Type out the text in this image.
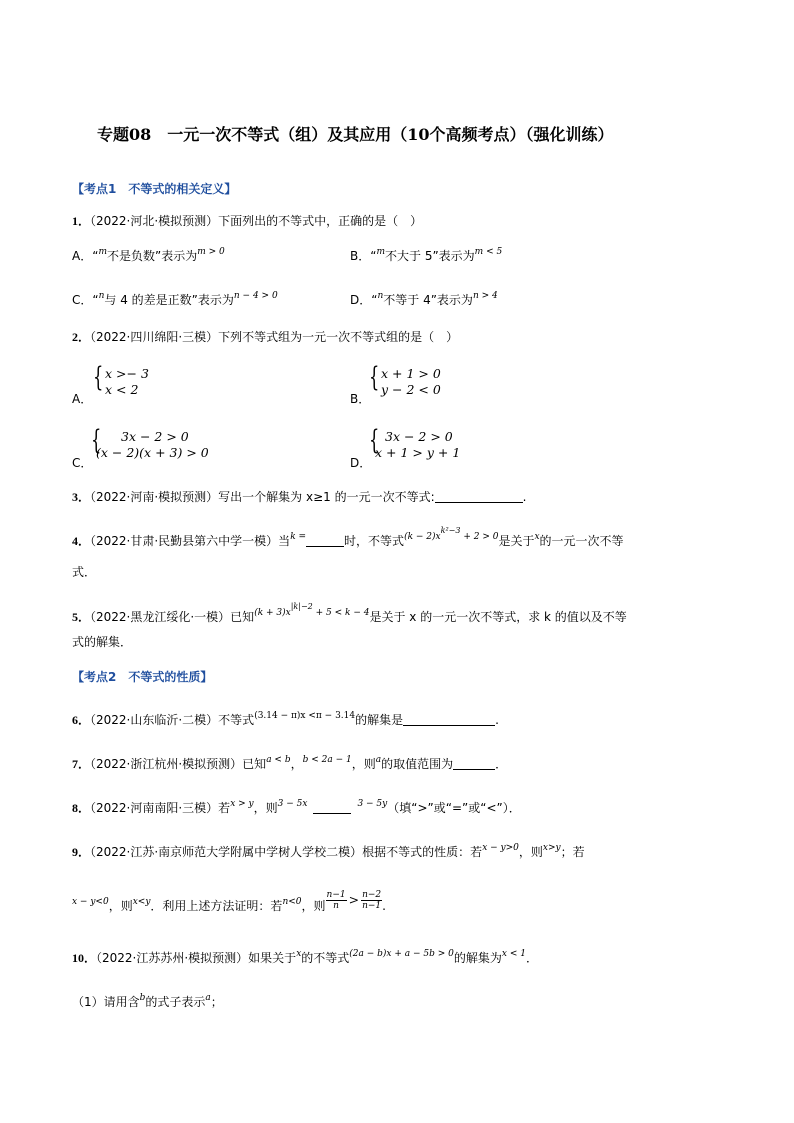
专题08　一元一次不等式（组）及其应用（10个高频考点）（强化训练）
【考点1　不等式的相关定义】
1．（2022·河北·模拟预测）下面列出的不等式中，正确的是（　）
A．“$^m$不是负数”表示为$^{m > 0}$	B．“$^m$不大于 5”表示为$^{m < 5}$
C．“$^n$与 4 的差是正数”表示为$^{n - 4 > 0}$	D．“$^n$不等于 4”表示为$^{n > 4}$
2．（2022·四川绵阳·三模）下列不等式组为一元一次不等式组的是（　）
A．
{ x >− 3
x < 2
B．
{ x + 1 > 0
y − 2 < 0
C．
{ 3x − 2 > 0
(x − 2)(x + 3) > 0
D．
{ 3x − 2 > 0
x + 1 > y + 1
3．（2022·河南·模拟预测）写出一个解集为 x≥1 的一元一次不等式:	.
4．（2022·甘肃·民勤县第六中学一模）当$^{k =}$	时，不等式$^{(k - 2)xk^2-3 + 2 > 0}$是关于$^x$的一元一次不等
式．
5．（2022·黑龙江绥化·一模）已知$^{(k + 3)x|k|-2 + 5 < k - 4}$是关于 x 的一元一次不等式，求 k 的值以及不等
式的解集．
【考点2　不等式的性质】
6．（2022·山东临沂·二模）不等式$^{(3.14 - \pi)x <\pi - 3.14}$的解集是	.
7．（2022·浙江杭州·模拟预测）已知$^{a < b}$，$^{b < 2a - 1}$，则$^a$的取值范围为	．
8．（2022·河南南阳·三模）若$^{x > y}$，则$^{3 - 5x}$	$^{3 - 5y}$（填“>”或“=”或“<”）．
9．（2022·江苏·南京师范大学附属中学树人学校二模）根据不等式的性质：若$^{x - y>0}$，则$^{x>y}$；若
$^{x - y<0}$，则$^{x<y}$．利用上述方法证明：若$^{n<0}$，则 $\frac{n-1}{n} > \frac{n-2}{n-1}$ .
10．（2022·江苏苏州·模拟预测）如果关于$^x$的不等式$^{(2a - b)x + a - 5b > 0}$的解集为$^{x < 1}$．
（1）请用含$^b$的式子表示$^a$；
